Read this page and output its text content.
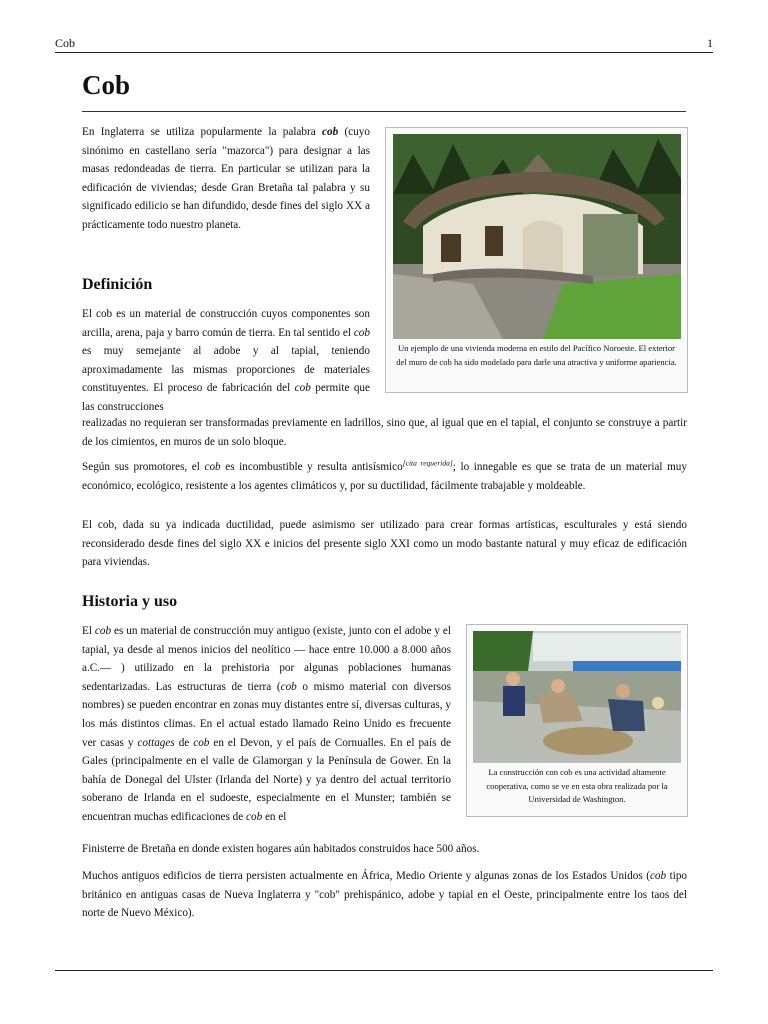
Cob	1
Cob

En Inglaterra se utiliza popularmente la palabra cob (cuyo sinónimo en castellano sería "mazorca") para designar a las masas redondeadas de tierra. En particular se utilizan para la edificación de viviendas; desde Gran Bretaña tal palabra y su significado edilicio se han difundido, desde fines del siglo XX a prácticamente todo nuestro planeta.

Un ejemplo de una vivienda moderna en estilo del Pacífico Noroeste. El exterior del muro de cob ha sido modelado para darle una atractiva y uniforme apariencia.
Definición

El cob es un material de construcción cuyos componentes son arcilla, arena, paja y barro común de tierra. En tal sentido el cob es muy semejante al adobe y al tapial, teniendo aproximadamente las mismas proporciones de materiales constituyentes. El proceso de fabricación del cob permite que las construcciones

realizadas no requieran ser transformadas previamente en ladrillos, sino que, al igual que en el tapial, el conjunto se construye a partir de los cimientos, en muros de un solo bloque.

Según sus promotores, el cob es incombustible y resulta antisísmico[cita requerida]; lo innegable es que se trata de un material muy económico, ecológico, resistente a los agentes climáticos y, por su ductilidad, fácilmente trabajable y moldeable.

El cob, dada su ya indicada ductilidad, puede asimismo ser utilizado para crear formas artísticas, esculturales y está siendo reconsiderado desde fines del siglo XX e inicios del presente siglo XXI como un modo bastante natural y muy eficaz de edificación para viviendas.

Historia y uso

El cob es un material de construcción muy antiguo (existe, junto con el adobe y el tapial, ya desde al menos inicios del neolítico — hace entre 10.000 a 8.000 años a.C.— ) utilizado en la prehistoria por algunas poblaciones humanas sedentarizadas. Las estructuras de tierra (cob o mismo material con diversos nombres) se pueden encontrar en zonas muy distantes entre sí, diversas culturas, y los más distintos climas. En el actual estado llamado Reino Unido es frecuente ver casas y cottages de cob en el Devon, y el país de Cornualles. En el país de Gales (principalmente en el valle de Glamorgan y la Península de Gower. En la bahía de Donegal del Ulster (Irlanda del Norte) y ya dentro del actual territorio soberano de Irlanda en el sudoeste, especialmente en el Munster; también se encuentran muchas edificaciones de cob en el

Finisterre de Bretaña en donde existen hogares aún habitados construidos hace 500 años.

La construcción con cob es una actividad altamente cooperativa, como se ve en esta obra realizada por la Universidad de Washington.

Muchos antiguos edificios de tierra persisten actualmente en África, Medio Oriente y algunas zonas de los Estados Unidos (cob tipo británico en antiguas casas de Nueva Inglaterra y "cob" prehispánico, adobe y tapial en el Oeste, principalmente entre los taos del norte de Nuevo México).
